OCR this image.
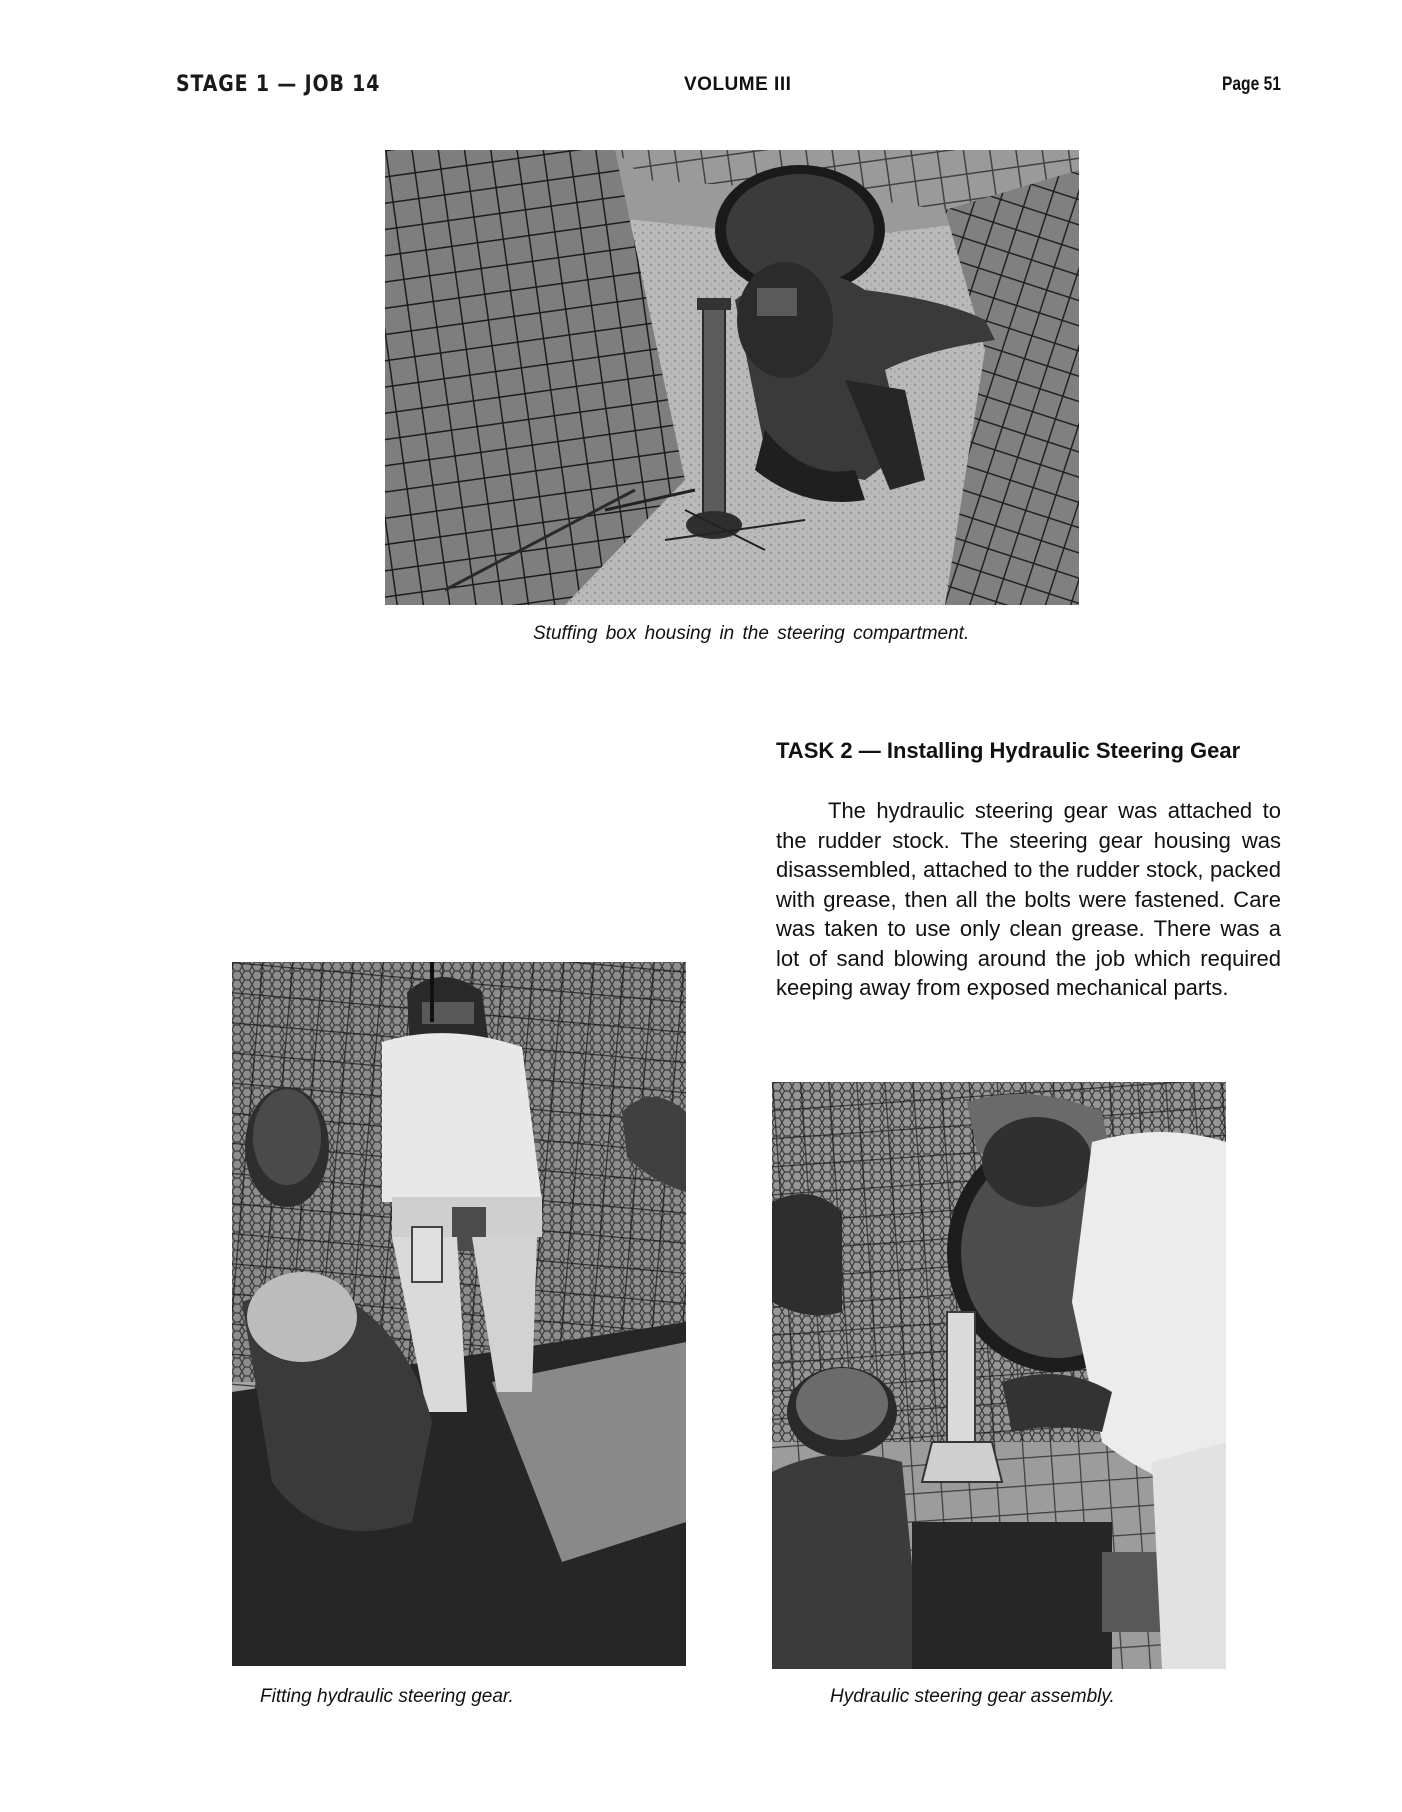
STAGE 1 — JOB 14	VOLUME III	Page 51
Stuffing box housing in the steering compartment.
TASK 2 — Installing Hydraulic Steering Gear

The hydraulic steering gear was attached to the rudder stock. The steering gear housing was disassembled, attached to the rudder stock, packed with grease, then all the bolts were fastened. Care was taken to use only clean grease. There was a lot of sand blowing around the job which required keeping away from exposed mechanical parts.

Fitting hydraulic steering gear.	Hydraulic steering gear assembly.
